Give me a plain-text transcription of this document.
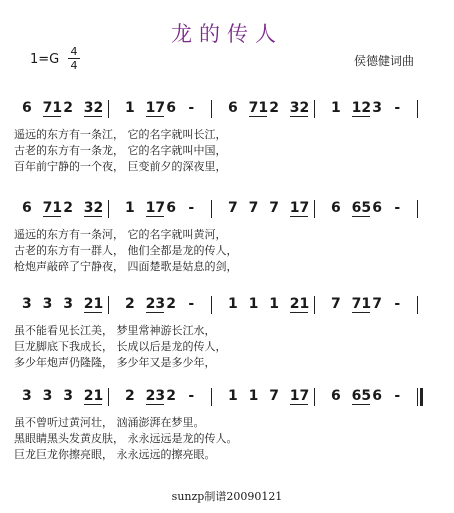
龙的传人
1=G
4
4	侯德健词曲
6 71 2 32 1 17 6 - 6 71 2 32 1 12 3 -
遥远的东方有一条江， 它的名字就叫长江，
古老的东方有一条龙， 它的名字就叫中国，
百年前宁静的一个夜， 巨变前夕的深夜里，
6 71 2 32 1 17 6 - 7 7 7 17 6 65 6 -
遥远的东方有一条河， 它的名字就叫黄河，
古老的东方有一群人， 他们全都是龙的传人，
枪炮声敲碎了宁静夜， 四面楚歌是姑息的剑，
3 3 3 21 2 23 2 - 1 1 1 21 7 71 7 -
虽不能看见长江美， 梦里常神游长江水，
巨龙脚底下我成长， 长成以后是龙的传人，
多少年炮声仍隆隆， 多少年又是多少年，
3 3 3 21 2 23 2 - 1 1 7 17 6 65 6 -
虽不曾听过黄河壮， 汹涌澎湃在梦里。
黑眼睛黑头发黄皮肤， 永永远远是龙的传人。
巨龙巨龙你擦亮眼， 永永远远的擦亮眼。
sunzp制谱20090121
